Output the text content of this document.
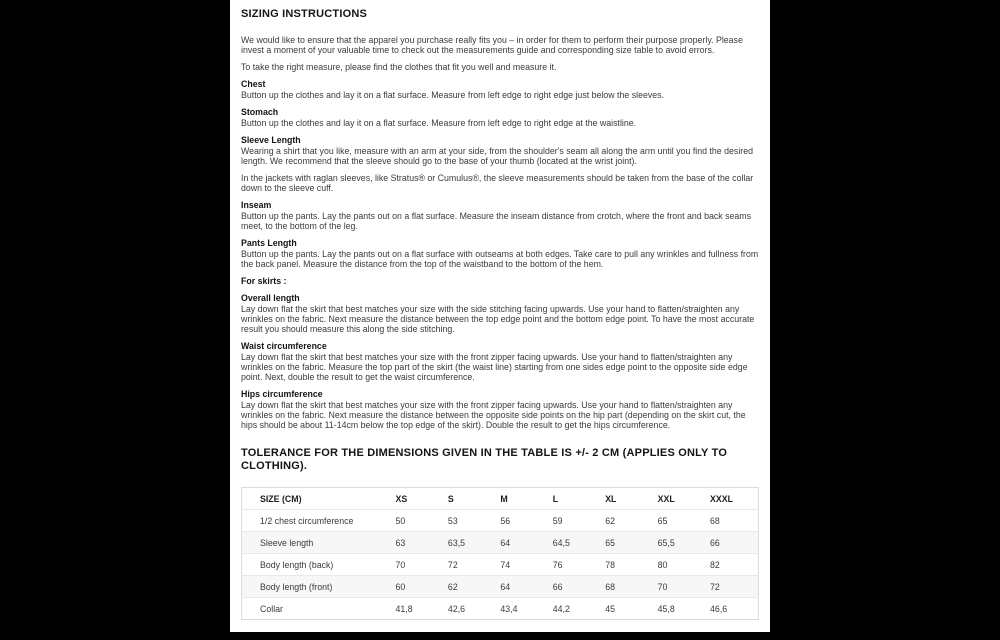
SIZING INSTRUCTIONS

We would like to ensure that the apparel you purchase really fits you – in order for them to perform their purpose properly. Please invest a moment of your valuable time to check out the measurements guide and corresponding size table to avoid errors.

To take the right measure, please find the clothes that fit you well and measure it.

Chest

Button up the clothes and lay it on a flat surface. Measure from left edge to right edge just below the sleeves.

Stomach

Button up the clothes and lay it on a flat surface. Measure from left edge to right edge at the waistline.

Sleeve Length

Wearing a shirt that you like, measure with an arm at your side, from the shoulder's seam all along the arm until you find the desired length. We recommend that the sleeve should go to the base of your thumb (located at the wrist joint).

In the jackets with raglan sleeves, like Stratus® or Cumulus®, the sleeve measurements should be taken from the base of the collar down to the sleeve cuff.

Inseam

Button up the pants. Lay the pants out on a flat surface. Measure the inseam distance from crotch, where the front and back seams meet, to the bottom of the leg.

Pants Length

Button up the pants. Lay the pants out on a flat surface with outseams at both edges. Take care to pull any wrinkles and fullness from the back panel. Measure the distance from the top of the waistband to the bottom of the hem.

For skirts :
Overall length

Lay down flat the skirt that best matches your size with the side stitching facing upwards. Use your hand to flatten/straighten any wrinkles on the fabric. Next measure the distance between the top edge point and the bottom edge point. To have the most accurate result you should measure this along the side stitching.

Waist circumference

Lay down flat the skirt that best matches your size with the front zipper facing upwards. Use your hand to flatten/straighten any wrinkles on the fabric. Measure the top part of the skirt (the waist line) starting from one sides edge point to the opposite side edge point. Next, double the result to get the waist circumference.

Hips circumference

Lay down flat the skirt that best matches your size with the front zipper facing upwards. Use your hand to flatten/straighten any wrinkles on the fabric. Next measure the distance between the opposite side points on the hip part (depending on the skirt cut, the hips should be about 11-14cm below the top edge of the skirt). Double the result to get the hips circumference.

TOLERANCE FOR THE DIMENSIONS GIVEN IN THE TABLE IS +/- 2 CM (APPLIES ONLY TO CLOTHING).
SIZE (CM)	XS	S	M	L	XL	XXL	XXXL
1/2 chest circumference	50	53	56	59	62	65	68
Sleeve length	63	63,5	64	64,5	65	65,5	66
Body length (back)	70	72	74	76	78	80	82
Body length (front)	60	62	64	66	68	70	72
Collar	41,8	42,6	43,4	44,2	45	45,8	46,6
